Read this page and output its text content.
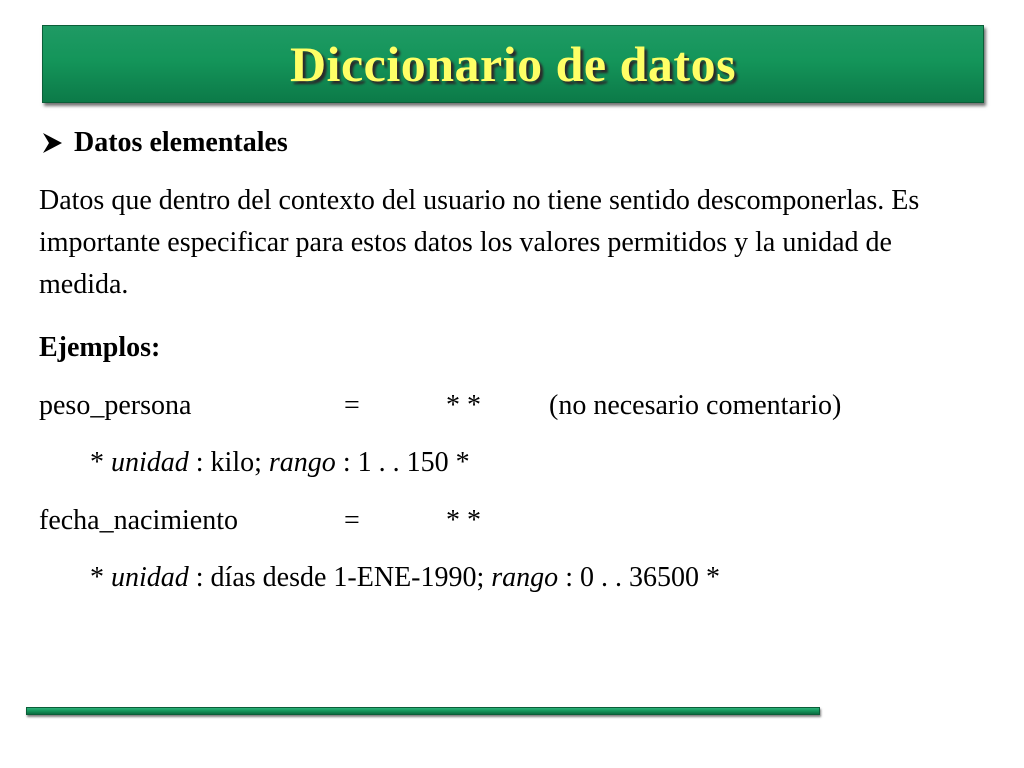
Diccionario de datos
Datos elementales
Datos que dentro del contexto del usuario no tiene sentido descomponerlas. Es importante especificar para estos datos los valores permitidos y la unidad de medida.
Ejemplos:
peso_persona	=	* * (no necesario comentario)
* unidad : kilo; rango : 1 . . 150 *
fecha_nacimiento	=	* *
* unidad : días desde 1-ENE-1990; rango : 0 . . 36500 *
